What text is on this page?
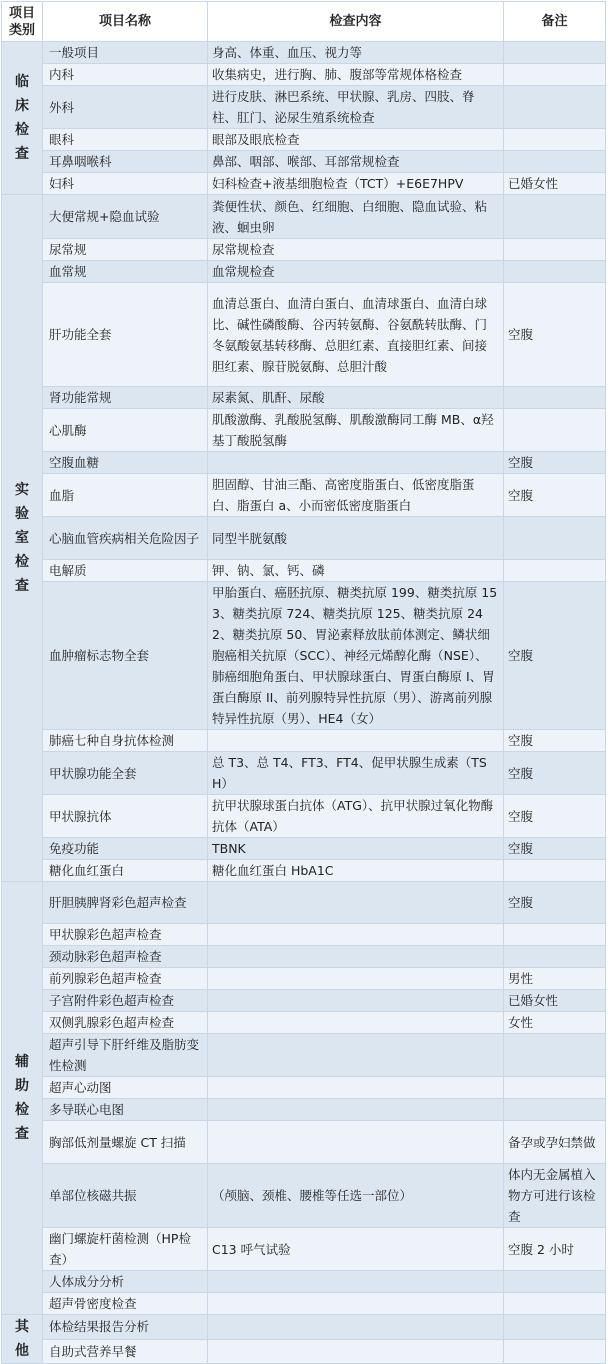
项目类别	项目名称	检查内容	备注
临床检查	一般项目	身高、体重、血压、视力等	
	内科	收集病史，进行胸、肺、腹部等常规体格检查	
	外科	进行皮肤、淋巴系统、甲状腺、乳房、四肢、脊柱、肛门、泌尿生殖系统检查	
	眼科	眼部及眼底检查	
	耳鼻咽喉科	鼻部、咽部、喉部、耳部常规检查	
	妇科	妇科检查+液基细胞检查（TCT）+E6E7HPV	已婚女性
实验室检查	大便常规+隐血试验	粪便性状、颜色、红细胞、白细胞、隐血试验、粘液、蛔虫卵	
	尿常规	尿常规检查	
	血常规	血常规检查	
	肝功能全套	血清总蛋白、血清白蛋白、血清球蛋白、血清白球比、碱性磷酸酶、谷丙转氨酶、谷氨酰转肽酶、门冬氨酸氨基转移酶、总胆红素、直接胆红素、间接胆红素、腺苷脱氨酶、总胆汁酸	空腹
	肾功能常规	尿素氮、肌酐、尿酸	
	心肌酶	肌酸激酶、乳酸脱氢酶、肌酸激酶同工酶 MB、α羟基丁酸脱氢酶	
	空腹血糖		空腹
	血脂	胆固醇、甘油三酯、高密度脂蛋白、低密度脂蛋白、脂蛋白 a、小而密低密度脂蛋白	空腹
	心脑血管疾病相关危险因子	同型半胱氨酸	
	电解质	钾、钠、氯、钙、磷	
	血肿瘤标志物全套	甲胎蛋白、癌胚抗原、糖类抗原 199、糖类抗原 153、糖类抗原 724、糖类抗原 125、糖类抗原 242、糖类抗原 50、胃泌素释放肽前体测定、鳞状细胞癌相关抗原（SCC）、神经元烯醇化酶（NSE）、肺癌细胞角蛋白、甲状腺球蛋白、胃蛋白酶原 I、胃蛋白酶原 II、前列腺特异性抗原（男）、游离前列腺特异性抗原（男）、HE4（女）	空腹
	肺癌七种自身抗体检测		空腹
	甲状腺功能全套	总 T3、总 T4、FT3、FT4、促甲状腺生成素（TSH）	空腹
	甲状腺抗体	抗甲状腺球蛋白抗体（ATG）、抗甲状腺过氧化物酶抗体（ATA）	空腹
	免疫功能	TBNK	空腹
	糖化血红蛋白	糖化血红蛋白 HbA1C	
辅助检查	肝胆胰脾肾彩色超声检查		空腹
	甲状腺彩色超声检查		
	颈动脉彩色超声检查		
	前列腺彩色超声检查		男性
	子宫附件彩色超声检查		已婚女性
	双侧乳腺彩色超声检查		女性
	超声引导下肝纤维及脂肪变性检测		
	超声心动图		
	多导联心电图		
	胸部低剂量螺旋 CT 扫描		备孕或孕妇禁做
	单部位核磁共振	（颅脑、颈椎、腰椎等任选一部位）	体内无金属植入物方可进行该检查
	幽门螺旋杆菌检测（HP检查）	C13 呼气试验	空腹 2 小时
	人体成分分析		
	超声骨密度检查		
其他	体检结果报告分析		
	自助式营养早餐		
